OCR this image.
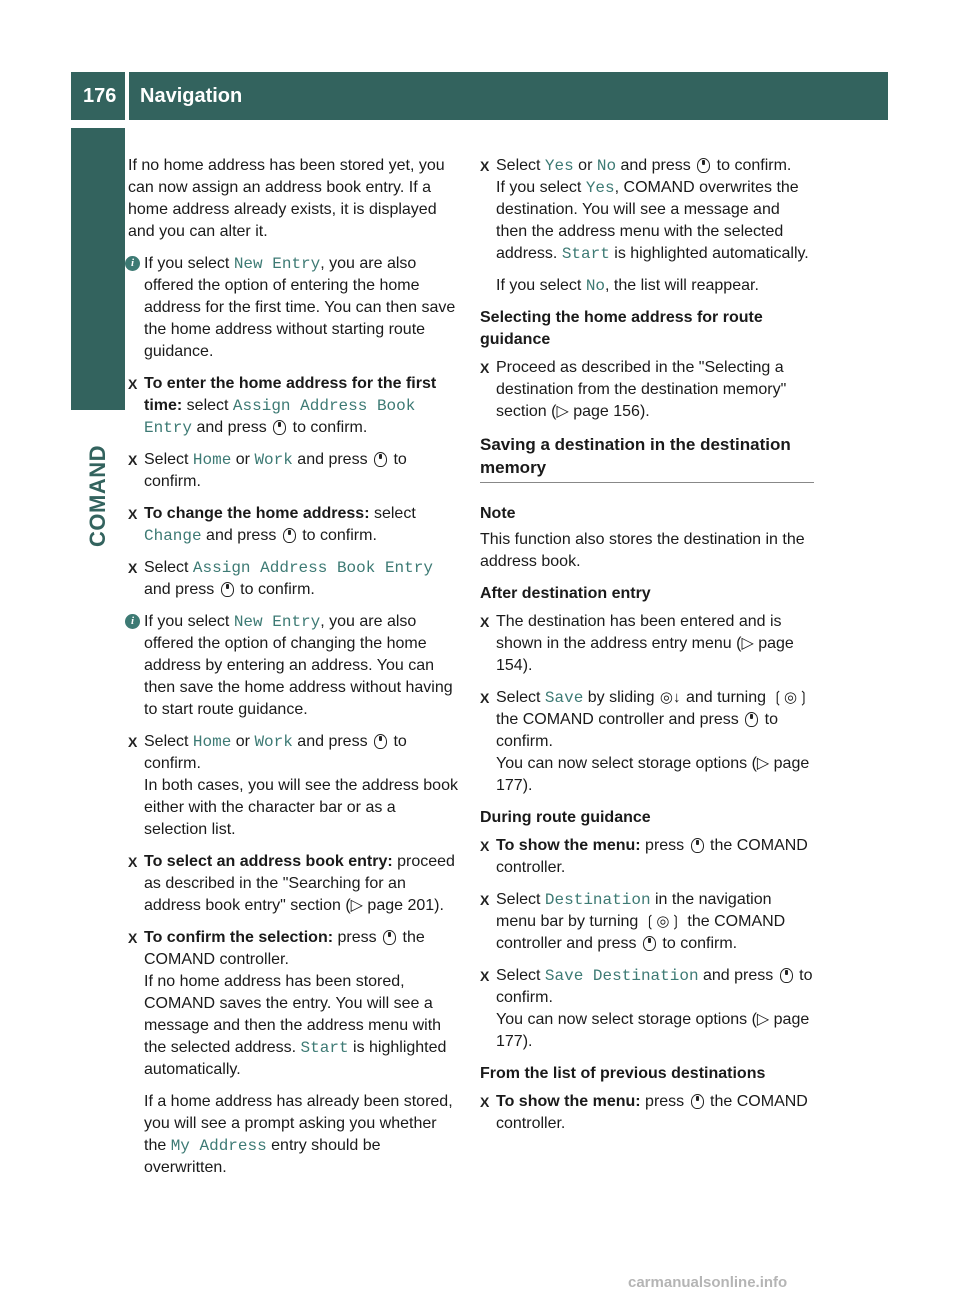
176 Navigation
COMAND

If no home address has been stored yet, you can now assign an address book entry. If a home address already exists, it is displayed and you can alter it.

i If you select New Entry, you are also offered the option of entering the home address for the first time. You can then save the home address without starting route guidance.
X To enter the home address for the first time: select Assign Address Book Entry and press  to confirm.
X Select Home or Work and press  to confirm.
X To change the home address: select Change and press  to confirm.
X Select Assign Address Book Entry and press  to confirm.
i If you select New Entry, you are also offered the option of changing the home address by entering an address. You can then save the home address without having to start route guidance.
X Select Home or Work and press  to confirm.
In both cases, you will see the address book either with the character bar or as a selection list.
X To select an address book entry: proceed as described in the "Searching for an address book entry" section (▷ page 201).
X To confirm the selection: press  the COMAND controller.
If no home address has been stored, COMAND saves the entry. You will see a message and then the address menu with the selected address. Start is highlighted automatically.

If a home address has already been stored, you will see a prompt asking you whether the My Address entry should be overwritten.

X Select Yes or No and press  to confirm.
If you select Yes, COMAND overwrites the destination. You will see a message and then the address menu with the selected address. Start is highlighted automatically.

If you select No, the list will reappear.

Selecting the home address for route guidance

X Proceed as described in the "Selecting a destination from the destination memory" section (▷ page 156).
Saving a destination in the destination memory

Note

This function also stores the destination in the address book.

After destination entry

X The destination has been entered and is shown in the address entry menu (▷ page 154).
X Select Save by sliding ◎↓ and turning ❲◎❳ the COMAND controller and press  to confirm.
You can now select storage options (▷ page 177).

During route guidance

X To show the menu: press  the COMAND controller.
X Select Destination in the navigation menu bar by turning ❲◎❳ the COMAND controller and press  to confirm.
X Select Save Destination and press  to confirm.
You can now select storage options (▷ page 177).

From the list of previous destinations

X To show the menu: press  the COMAND controller.
carmanualsonline.info
